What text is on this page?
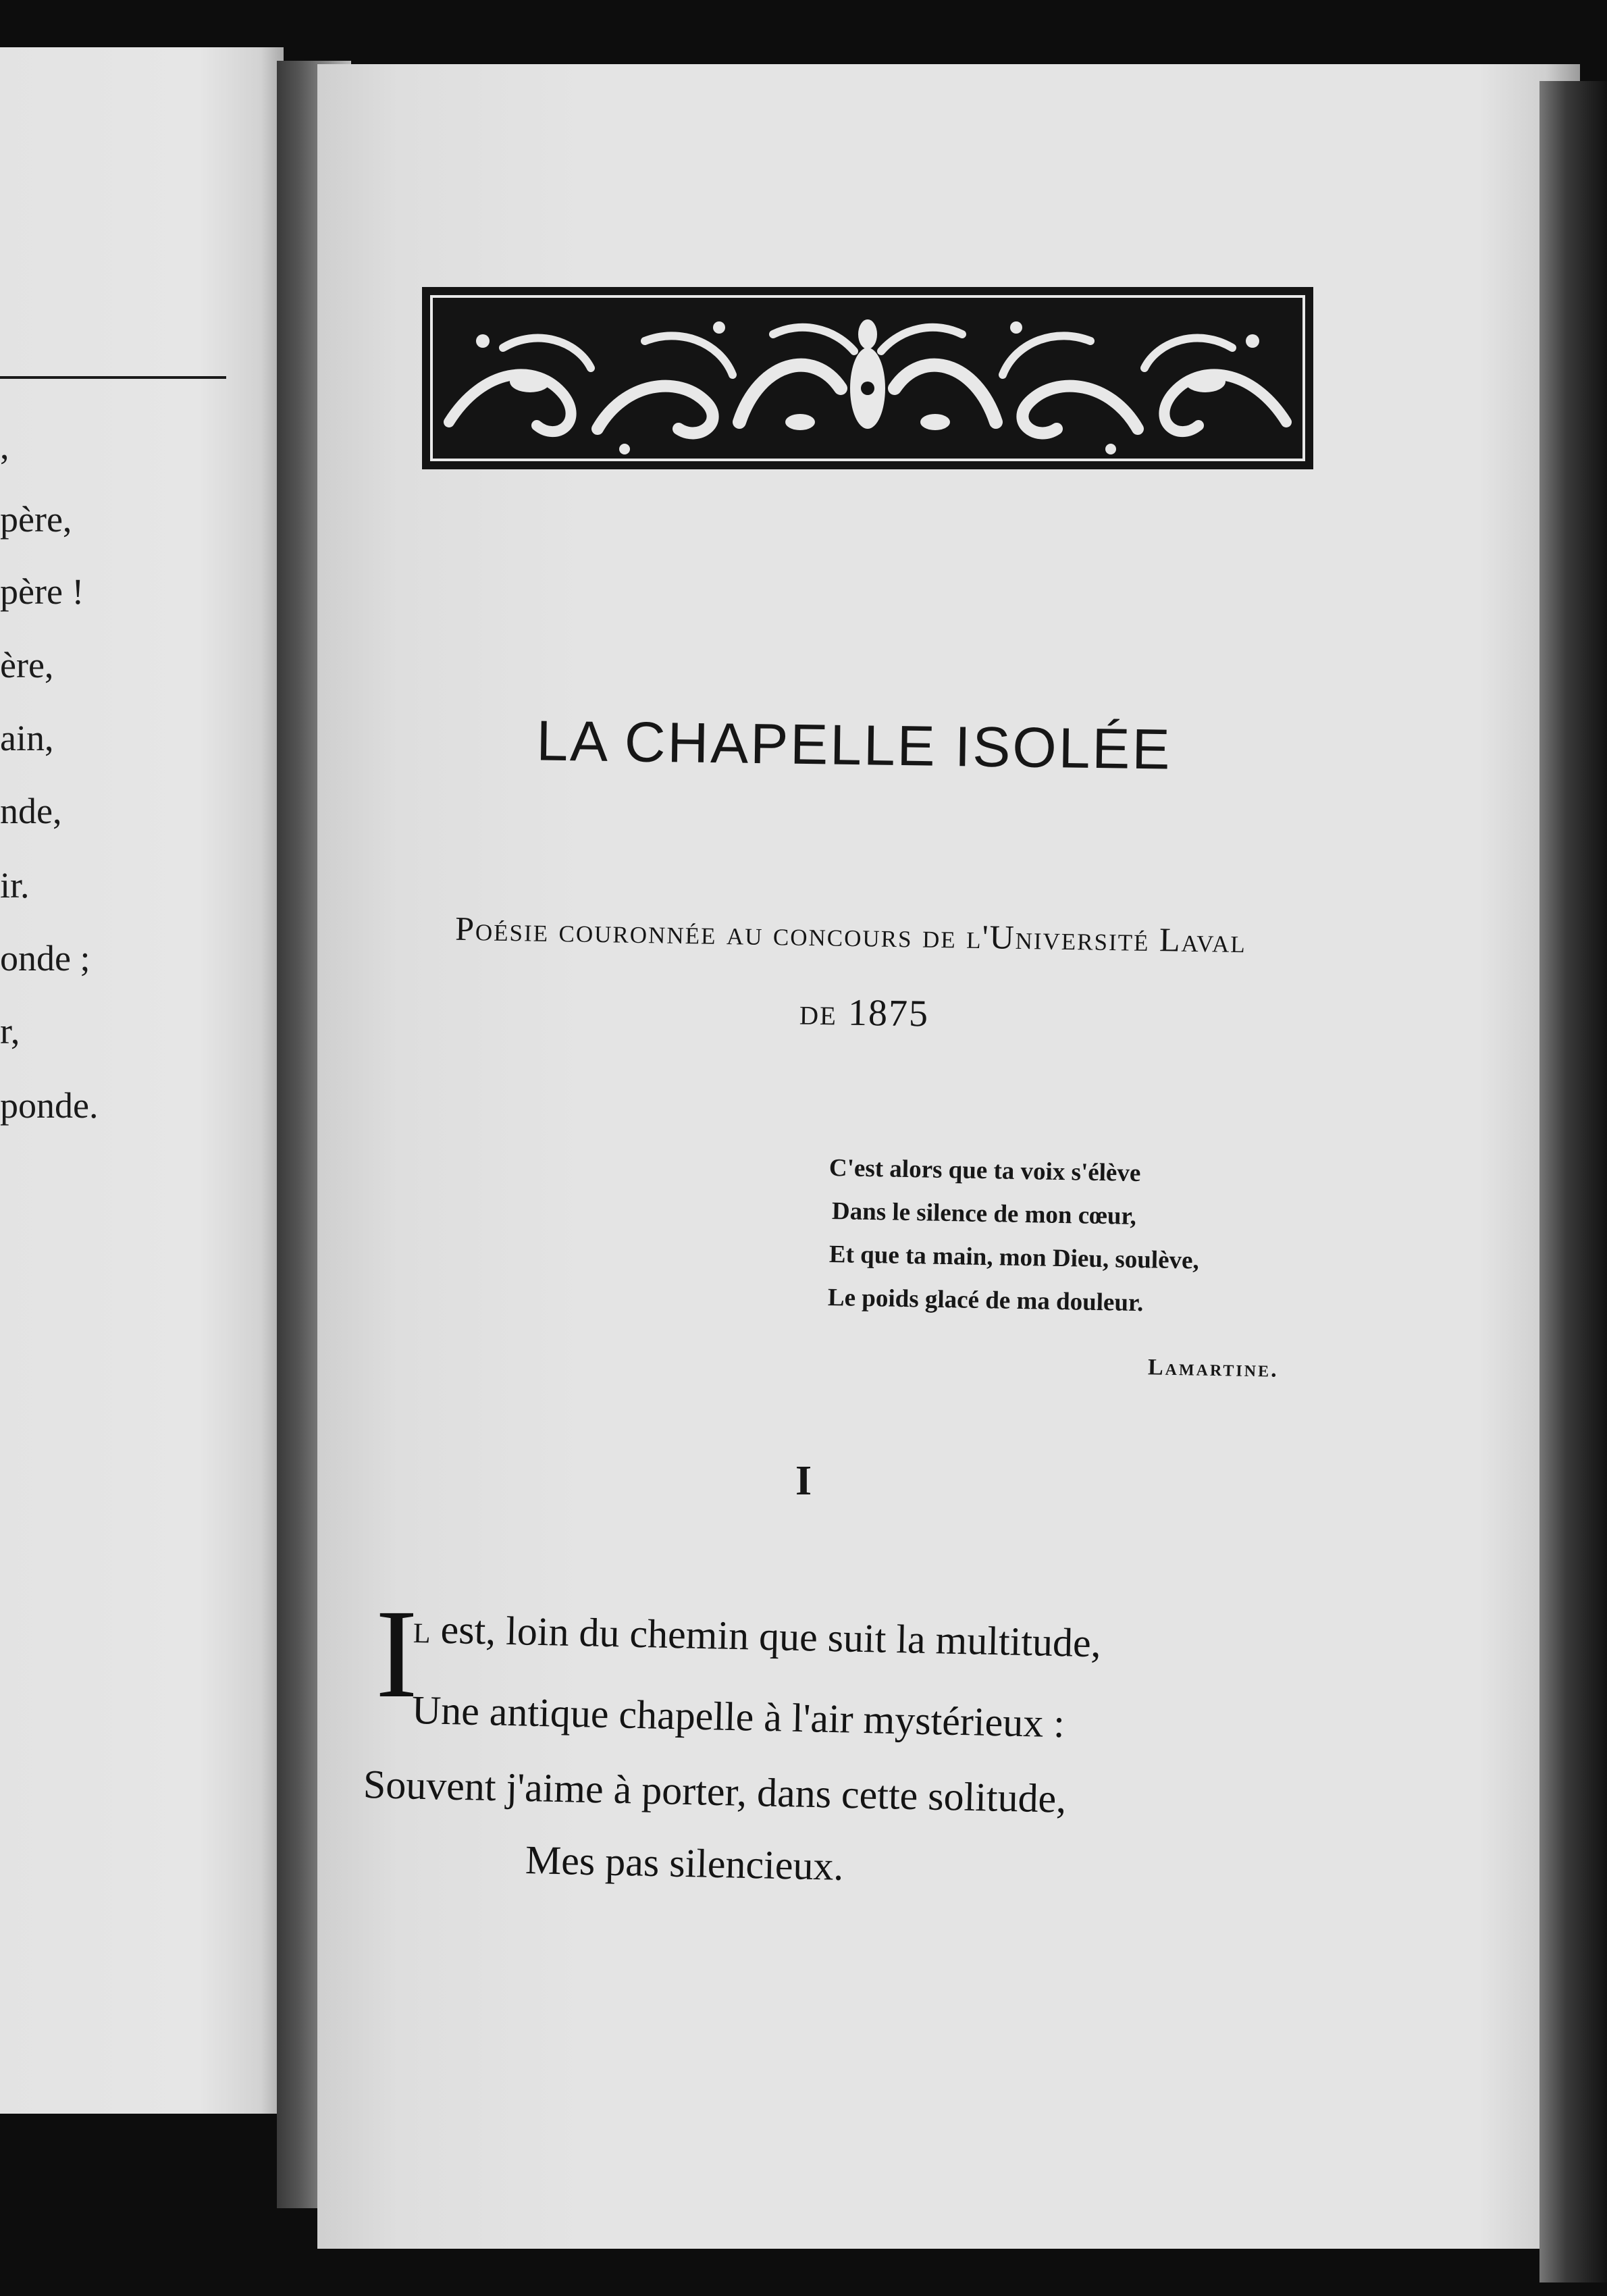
,
père,
père !
ère,
ain,
nde,
ir.
onde ;
r,
ponde.
LA CHAPELLE ISOLÉE
Poésie couronnée au concours de l'Université Laval
de 1875
C'est alors que ta voix s'élève
Dans le silence de mon cœur,
Et que ta main, mon Dieu, soulève,
Le poids glacé de ma douleur.
Lamartine.
I
I
l est, loin du chemin que suit la multitude,
Une antique chapelle à l'air mystérieux :
Souvent j'aime à porter, dans cette solitude,
Mes pas silencieux.
